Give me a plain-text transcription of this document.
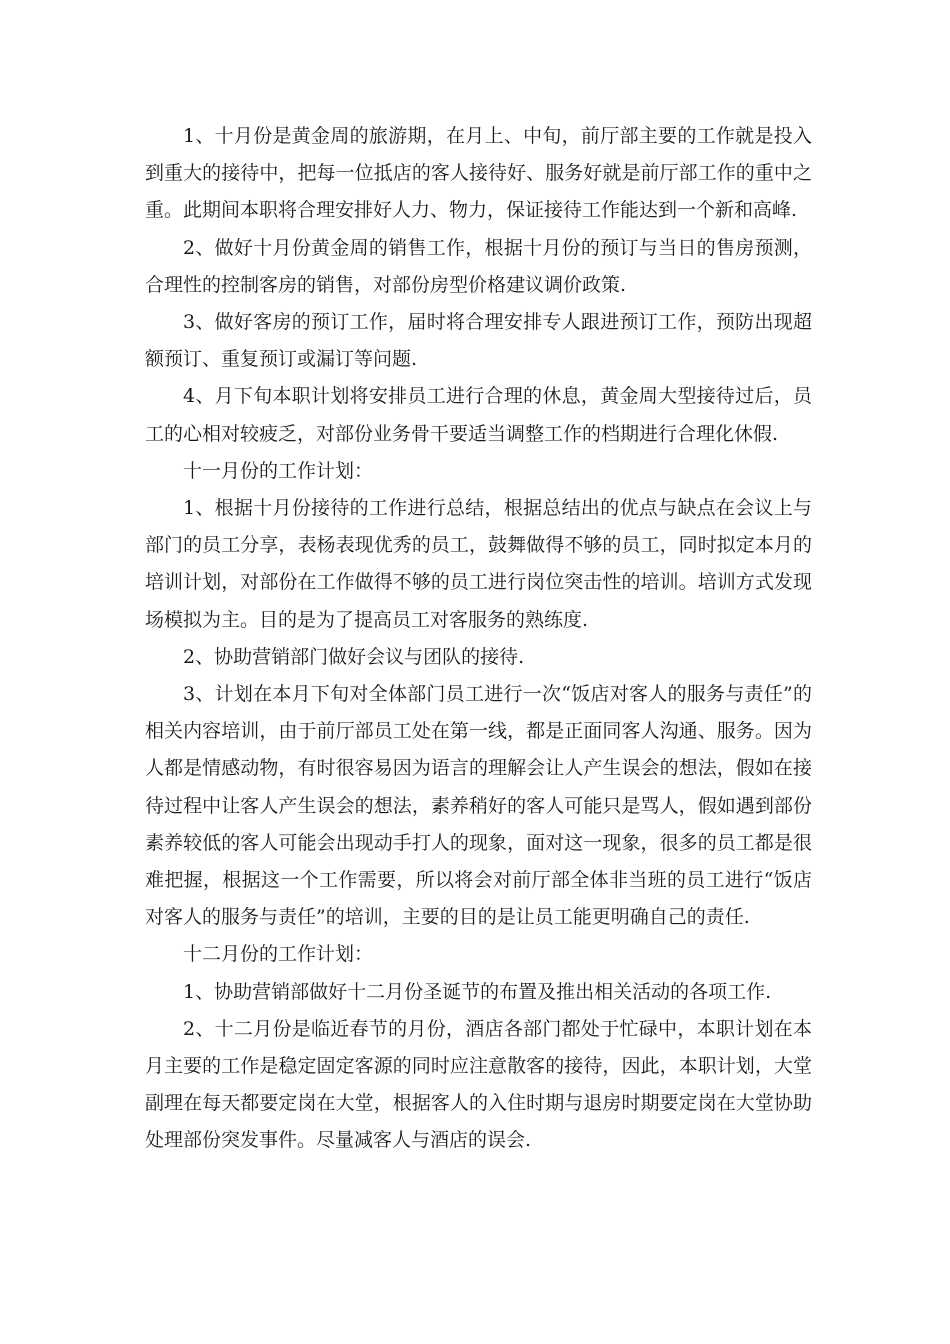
1、十月份是黄金周的旅游期，在月上、中旬，前厅部主要的工作就是投入到重大的接待中，把每一位抵店的客人接待好、服务好就是前厅部工作的重中之重。此期间本职将合理安排好人力、物力，保证接待工作能达到一个新和高峰.

2、做好十月份黄金周的销售工作，根据十月份的预订与当日的售房预测，合理性的控制客房的销售，对部份房型价格建议调价政策.

3、做好客房的预订工作，届时将合理安排专人跟进预订工作，预防出现超额预订、重复预订或漏订等问题.

4、月下旬本职计划将安排员工进行合理的休息，黄金周大型接待过后，员工的心相对较疲乏，对部份业务骨干要适当调整工作的档期进行合理化休假.

十一月份的工作计划：

1、根据十月份接待的工作进行总结，根据总结出的优点与缺点在会议上与部门的员工分享，表杨表现优秀的员工，鼓舞做得不够的员工，同时拟定本月的培训计划，对部份在工作做得不够的员工进行岗位突击性的培训。培训方式发现场模拟为主。目的是为了提高员工对客服务的熟练度.

2、协助营销部门做好会议与团队的接待.

3、计划在本月下旬对全体部门员工进行一次“饭店对客人的服务与责任”的相关内容培训，由于前厅部员工处在第一线，都是正面同客人沟通、服务。因为人都是情感动物，有时很容易因为语言的理解会让人产生误会的想法，假如在接待过程中让客人产生误会的想法，素养稍好的客人可能只是骂人，假如遇到部份素养较低的客人可能会出现动手打人的现象，面对这一现象，很多的员工都是很难把握，根据这一个工作需要，所以将会对前厅部全体非当班的员工进行“饭店对客人的服务与责任”的培训，主要的目的是让员工能更明确自己的责任.

十二月份的工作计划：

1、协助营销部做好十二月份圣诞节的布置及推出相关活动的各项工作.

2、十二月份是临近春节的月份，酒店各部门都处于忙碌中，本职计划在本月主要的工作是稳定固定客源的同时应注意散客的接待，因此，本职计划，大堂副理在每天都要定岗在大堂，根据客人的入住时期与退房时期要定岗在大堂协助处理部份突发事件。尽量减客人与酒店的误会.
